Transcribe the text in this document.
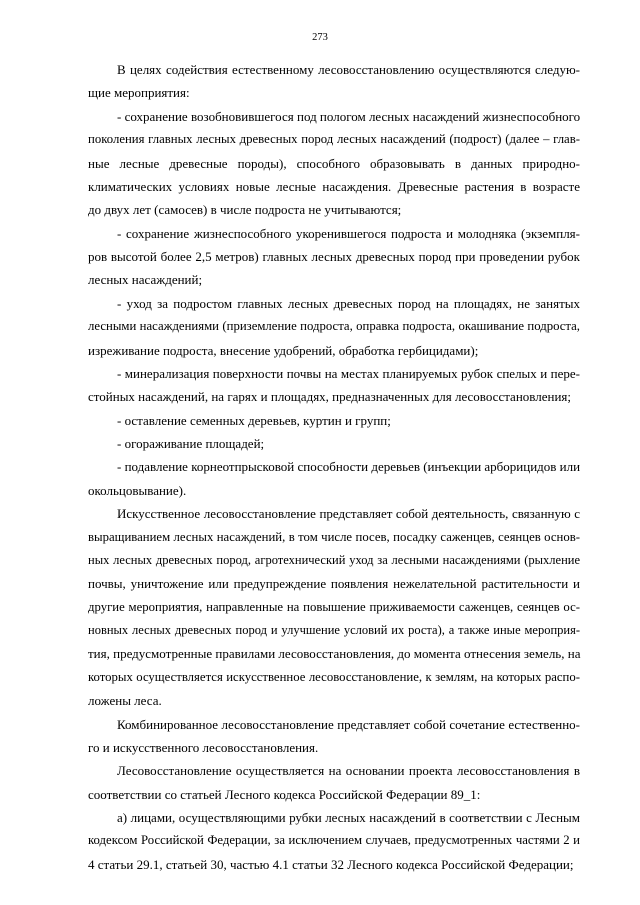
273
В целях содействия естественному лесовосстановлению осуществляются следую-
щие мероприятия:
- сохранение возобновившегося под пологом лесных насаждений жизнеспособного
поколения главных лесных древесных пород лесных насаждений (подрост) (далее – глав-
ные лесные древесные породы), способного образовывать в данных природно-
климатических условиях новые лесные насаждения. Древесные растения в возрасте
до двух лет (самосев) в числе подроста не учитываются;
- сохранение жизнеспособного укоренившегося подроста и молодняка (экземпля-
ров высотой более 2,5 метров) главных лесных древесных пород при проведении рубок
лесных насаждений;
- уход за подростом главных лесных древесных пород на площадях, не занятых
лесными насаждениями (приземление подроста, оправка подроста, окашивание подроста,
изреживание подроста, внесение удобрений, обработка гербицидами);
- минерализация поверхности почвы на местах планируемых рубок спелых и пере-
стойных насаждений, на гарях и площадях, предназначенных для лесовосстановления;
- оставление семенных деревьев, куртин и групп;
- огораживание площадей;
- подавление корнеотпрысковой способности деревьев (инъекции арборицидов или
окольцовывание).
Искусственное лесовосстановление представляет собой деятельность, связанную с
выращиванием лесных насаждений, в том числе посев, посадку саженцев, сеянцев основ-
ных лесных древесных пород, агротехнический уход за лесными насаждениями (рыхление
почвы, уничтожение или предупреждение появления нежелательной растительности и
другие мероприятия, направленные на повышение приживаемости саженцев, сеянцев ос-
новных лесных древесных пород и улучшение условий их роста), а также иные мероприя-
тия, предусмотренные правилами лесовосстановления, до момента отнесения земель, на
которых осуществляется искусственное лесовосстановление, к землям, на которых распо-
ложены леса.
Комбинированное лесовосстановление представляет собой сочетание естественно-
го и искусственного лесовосстановления.
Лесовосстановление осуществляется на основании проекта лесовосстановления в
соответствии со статьей Лесного кодекса Российской Федерации 89_1:
а) лицами, осуществляющими рубки лесных насаждений в соответствии с Лесным
кодексом Российской Федерации, за исключением случаев, предусмотренных частями 2 и
4 статьи 29.1, статьей 30, частью 4.1 статьи 32 Лесного кодекса Российской Федерации;
